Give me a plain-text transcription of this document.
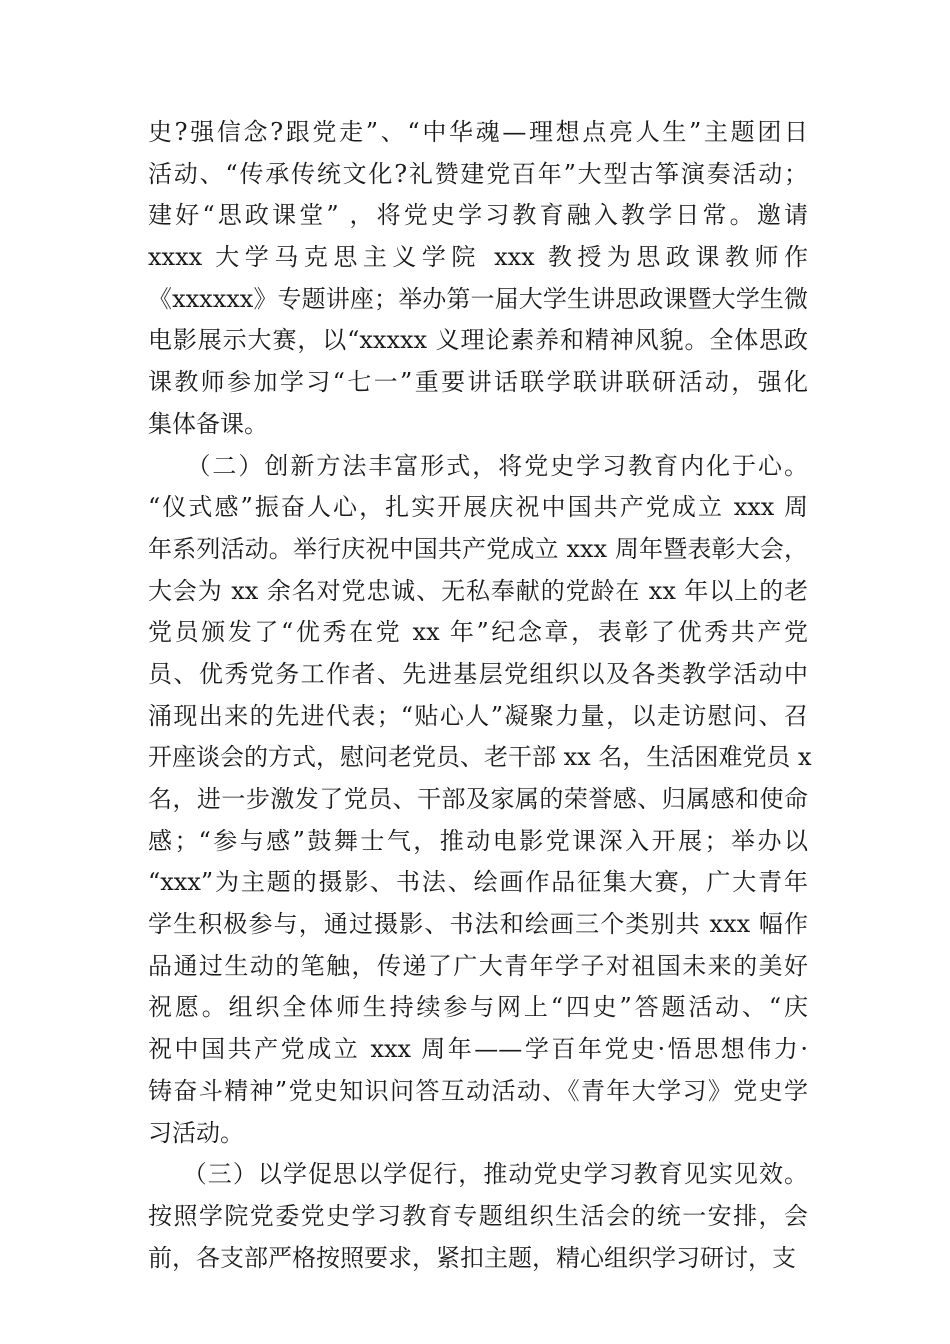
史?强信念?跟党走”、“中华魂—理想点亮人生”主题团日
活动、“传承传统文化?礼赞建党百年”大型古筝演奏活动；
建好“思政课堂” ，将党史学习教育融入教学日常。邀请
xxxx 大学马克思主义学院 xxx 教授为思政课教师作
《xxxxxx》专题讲座；举办第一届大学生讲思政课暨大学生微
电影展示大赛，以“xxxxx 义理论素养和精神风貌。全体思政
课教师参加学习“七一”重要讲话联学联讲联研活动，强化
集体备课。
（二）创新方法丰富形式，将党史学习教育内化于心。
“仪式感”振奋人心，扎实开展庆祝中国共产党成立 xxx 周
年系列活动。举行庆祝中国共产党成立 xxx 周年暨表彰大会，
大会为 xx 余名对党忠诚、无私奉献的党龄在 xx 年以上的老
党员颁发了“优秀在党 xx 年”纪念章，表彰了优秀共产党
员、优秀党务工作者、先进基层党组织以及各类教学活动中
涌现出来的先进代表；“贴心人”凝聚力量，以走访慰问、召
开座谈会的方式，慰问老党员、老干部 xx 名，生活困难党员 x
名，进一步激发了党员、干部及家属的荣誉感、归属感和使命
感；“参与感”鼓舞士气，推动电影党课深入开展；举办以
“xxx”为主题的摄影、书法、绘画作品征集大赛，广大青年
学生积极参与，通过摄影、书法和绘画三个类别共 xxx 幅作
品通过生动的笔触，传递了广大青年学子对祖国未来的美好
祝愿。组织全体师生持续参与网上“四史”答题活动、“庆
祝中国共产党成立 xxx 周年——学百年党史·悟思想伟力·
铸奋斗精神”党史知识问答互动活动、《青年大学习》党史学
习活动。
（三）以学促思以学促行，推动党史学习教育见实见效。
按照学院党委党史学习教育专题组织生活会的统一安排，会
前，各支部严格按照要求，紧扣主题，精心组织学习研讨，支
